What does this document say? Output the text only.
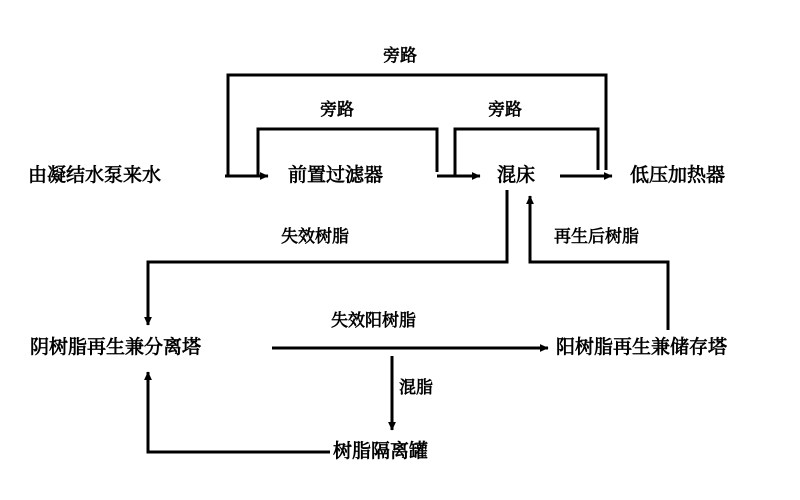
由凝结水泵来水	前置过滤器	混床	低压加热器
阴树脂再生兼分离塔	阳树脂再生兼储存塔
树脂隔离罐
旁路
旁路	旁路
失效树脂	再生后树脂
失效阳树脂
混脂
